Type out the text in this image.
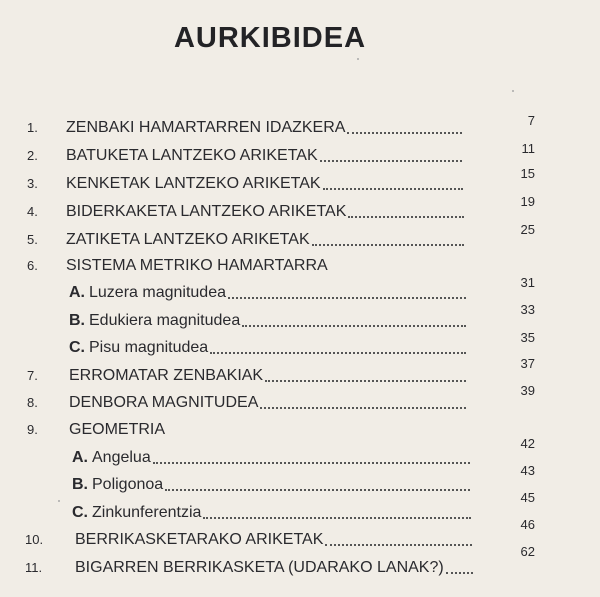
AURKIBIDEA
1. ZENBAKI HAMARTARREN IDAZKERA	7
2. BATUKETA LANTZEKO ARIKETAK	11
3. KENKETAK LANTZEKO ARIKETAK
15
4. BIDERKAKETA LANTZEKO ARIKETAK
19
5. ZATIKETA LANTZEKO ARIKETAK
25
6. SISTEMA METRIKO HAMARTARRA
A. Luzera magnitudea
31
B. Edukiera magnitudea
33
C. Pisu magnitudea
35
7. ERROMATAR ZENBAKIAK
37
8. DENBORA MAGNITUDEA
39
9. GEOMETRIA
A. Angelua
42
B. Poligonoa
43
C. Zinkunferentzia
45
10. BERRIKASKETARAKO ARIKETAK
46
11. BIGARREN BERRIKASKETA (UDARAKO LANAK?)
62
